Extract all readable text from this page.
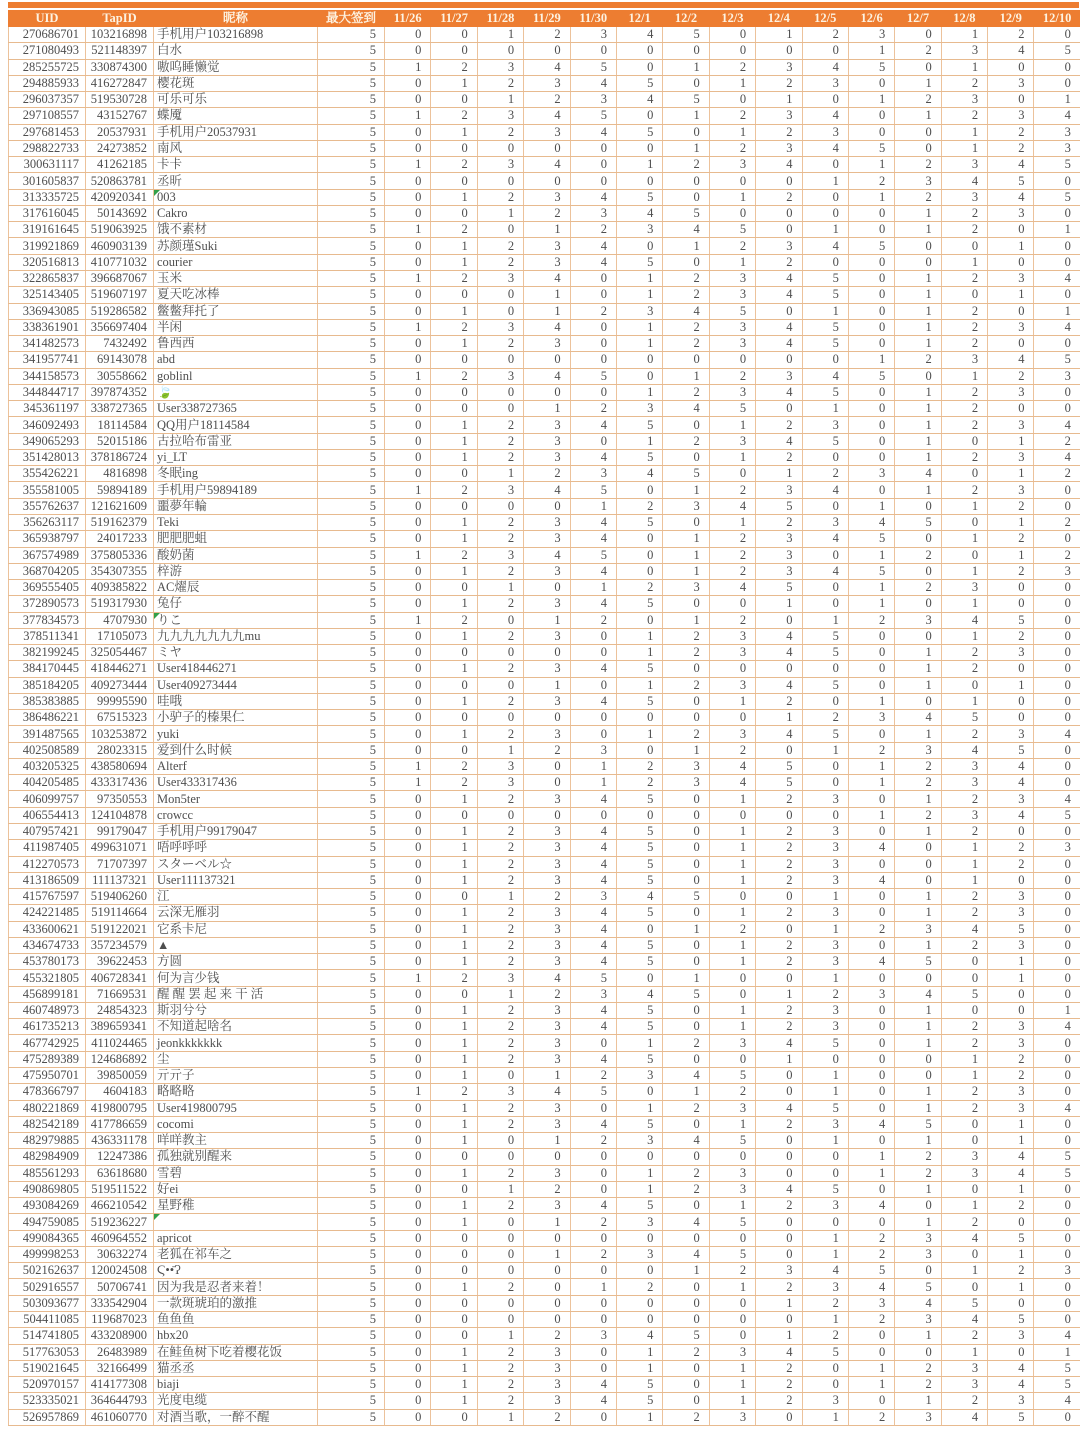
UID	TapID	昵称	最大签到	11/26	11/27	11/28	11/29	11/30	12/1	12/2	12/3	12/4	12/5	12/6	12/7	12/8	12/9	12/10
270686701	103216898	手机用户103216898	5	0	0	1	2	3	4	5	0	1	2	3	0	1	2	0
271080493	521148397	白水	5	0	0	0	0	0	0	0	0	0	0	1	2	3	4	5
285255725	330874300	嗷呜睡懒觉	5	1	2	3	4	5	0	1	2	3	4	5	0	1	0	0
294885933	416272847	樱花斑	5	0	1	2	3	4	5	0	1	2	3	0	1	2	3	0
296037357	519530728	可乐可乐	5	0	0	1	2	3	4	5	0	1	0	1	2	3	0	1
297108557	43152767	蝶魇	5	1	2	3	4	5	0	1	2	3	4	0	1	2	3	4
297681453	20537931	手机用户20537931	5	0	1	2	3	4	5	0	1	2	3	0	0	1	2	3
298822733	24273852	南风	5	0	0	0	0	0	0	1	2	3	4	5	0	1	2	3
300631117	41262185	卡卡	5	1	2	3	4	0	1	2	3	4	0	1	2	3	4	5
301605837	520863781	丞昕	5	0	0	0	0	0	0	0	0	0	1	2	3	4	5	0
313335725	420920341	003	5	0	1	2	3	4	5	0	1	2	0	1	2	3	4	5
317616045	50143692	Cakro	5	0	0	1	2	3	4	5	0	0	0	0	1	2	3	0
319161645	519063925	饿不素材	5	1	2	0	1	2	3	4	5	0	1	0	1	2	0	1
319921869	460903139	苏颜瑾Suki	5	0	1	2	3	4	0	1	2	3	4	5	0	0	1	0
320516813	410771032	courier	5	0	1	2	3	4	5	0	1	2	0	0	0	1	0	0
322865837	396687067	玉米	5	1	2	3	4	0	1	2	3	4	5	0	1	2	3	4
325143405	519607197	夏天吃冰棒	5	0	0	0	1	0	1	2	3	4	5	0	1	0	1	0
336943085	519286582	鳖鳖拜托了	5	0	1	0	1	2	3	4	5	0	1	0	1	2	0	1
338361901	356697404	半闲	5	1	2	3	4	0	1	2	3	4	5	0	1	2	3	4
341482573	7432492	鲁西西	5	0	1	2	3	0	1	2	3	4	5	0	1	2	0	0
341957741	69143078	abd	5	0	0	0	0	0	0	0	0	0	0	1	2	3	4	5
344158573	30558662	goblinl	5	1	2	3	4	5	0	1	2	3	4	5	0	1	2	3
344844717	397874352	🍃	5	0	0	0	0	0	1	2	3	4	5	0	1	2	3	0
345361197	338727365	User338727365	5	0	0	0	1	2	3	4	5	0	1	0	1	2	0	0
346092493	18114584	QQ用户18114584	5	0	1	2	3	4	5	0	1	2	3	0	1	2	3	4
349065293	52015186	古拉哈布雷亚	5	0	1	2	3	0	1	2	3	4	5	0	1	0	1	2
351428013	378186724	yi_LT	5	0	1	2	3	4	5	0	1	2	0	0	1	2	3	4
355426221	4816898	冬眠ing	5	0	0	1	2	3	4	5	0	1	2	3	4	0	1	2
355581005	59894189	手机用户59894189	5	1	2	3	4	5	0	1	2	3	4	0	1	2	3	0
355762637	121621609	噩夢年輪	5	0	0	0	0	1	2	3	4	5	0	1	0	1	2	0
356263117	519162379	Teki	5	0	1	2	3	4	5	0	1	2	3	4	5	0	1	2
365938797	24017233	肥肥肥蛆	5	0	1	2	3	4	0	1	2	3	4	5	0	1	2	0
367574989	375805336	酸奶菌	5	1	2	3	4	5	0	1	2	3	0	1	2	0	1	2
368704205	354307355	梓游	5	0	1	2	3	4	0	1	2	3	4	5	0	1	2	3
369555405	409385822	AC燿辰	5	0	0	1	0	1	2	3	4	5	0	1	2	3	0	0
372890573	519317930	兔仔	5	0	1	2	3	4	5	0	0	1	0	1	0	1	0	0
377834573	4707930	りこ	5	1	2	0	1	2	0	1	2	0	1	2	3	4	5	0
378511341	17105073	九九九九九九九mu	5	0	1	2	3	0	1	2	3	4	5	0	0	1	2	0
382199245	325054467	ミヤ	5	0	0	0	0	0	1	2	3	4	5	0	1	2	3	0
384170445	418446271	User418446271	5	0	1	2	3	4	5	0	0	0	0	0	1	2	0	0
385184205	409273444	User409273444	5	0	0	0	1	0	1	2	3	4	5	0	1	0	1	0
385383885	99995590	哇哦	5	0	1	2	3	4	5	0	1	2	0	1	0	1	0	0
386486221	67515323	小驴子的榛果仁	5	0	0	0	0	0	0	0	0	1	2	3	4	5	0	0
391487565	103253872	yuki	5	0	1	2	3	0	1	2	3	4	5	0	1	2	3	4
402508589	28023315	爱到什么时候	5	0	0	1	2	3	0	1	2	0	1	2	3	4	5	0
403205325	438580694	Alterf	5	1	2	3	0	1	2	3	4	5	0	1	2	3	4	0
404205485	433317436	User433317436	5	1	2	3	0	1	2	3	4	5	0	1	2	3	4	0
406099757	97350553	Mon5ter	5	0	1	2	3	4	5	0	1	2	3	0	1	2	3	4
406554413	124104878	crowcc	5	0	0	0	0	0	0	0	0	0	0	1	2	3	4	5
407957421	99179047	手机用户99179047	5	0	1	2	3	4	5	0	1	2	3	0	1	2	0	0
411987405	499631071	唔呼呼呼	5	0	1	2	3	4	5	0	1	2	3	4	0	1	2	3
412270573	71707397	スターベル☆	5	0	1	2	3	4	5	0	1	2	3	0	0	1	2	0
413186509	111137321	User111137321	5	0	1	2	3	4	5	0	1	2	3	4	0	1	0	0
415767597	519406260	江	5	0	0	1	2	3	4	5	0	0	1	0	1	2	3	0
424221485	519114664	云深无雁羽	5	0	1	2	3	4	5	0	1	2	3	0	1	2	3	0
433600621	519122021	它系卡尼	5	0	1	2	3	4	0	1	2	0	1	2	3	4	5	0
434674733	357234579	▲	5	0	1	2	3	4	5	0	1	2	3	0	1	2	3	0
453780173	39622453	方圆	5	0	1	2	3	4	5	0	1	2	3	4	5	0	1	0
455321805	406728341	何为言少钱	5	1	2	3	4	5	0	1	0	0	1	0	0	0	1	0
456899181	71669531	醒 醒 罢 起 来 干 活	5	0	0	1	2	3	4	5	0	1	2	3	4	5	0	0
460748973	24854323	斯羽兮兮	5	0	1	2	3	4	5	0	1	2	3	0	1	0	0	1
461735213	389659341	不知道起啥名	5	0	1	2	3	4	5	0	1	2	3	0	1	2	3	4
467742925	411024465	jeonkkkkkkk	5	0	1	2	3	0	1	2	3	4	5	0	1	2	3	0
475289389	124686892	尘	5	0	1	2	3	4	5	0	0	1	0	0	0	1	2	0
475950701	39850059	亓亓子	5	0	1	0	1	2	3	4	5	0	1	0	0	1	2	0
478366797	4604183	略略略	5	1	2	3	4	5	0	1	2	0	1	0	1	2	3	0
480221869	419800795	User419800795	5	0	1	2	3	0	1	2	3	4	5	0	1	2	3	4
482542189	417786659	cocomi	5	0	1	2	3	4	5	0	1	2	3	4	5	0	1	0
482979885	436331178	咩咩教主	5	0	1	0	1	2	3	4	5	0	1	0	1	0	1	0
482984909	12247386	孤独就别醒来	5	0	0	0	0	0	0	0	0	0	0	1	2	3	4	5
485561293	63618680	雪碧	5	0	1	2	3	0	1	2	3	0	0	1	2	3	4	5
490869805	519511522	好ei	5	0	0	1	2	0	1	2	3	4	5	0	1	0	1	0
493084269	466210542	星野稚	5	0	1	2	3	4	5	0	1	2	3	4	0	1	2	0
494759085	519236227		5	0	1	0	1	2	3	4	5	0	0	0	1	2	0	0
499084365	460964552	apricot	5	0	0	0	0	0	0	0	0	0	1	2	3	4	5	0
499998253	30632274	老狐在祁车之	5	0	0	0	1	2	3	4	5	0	1	2	3	0	1	0
502162637	120024508	Ϛ••̄Ɂ	5	0	0	0	0	0	0	1	2	3	4	5	0	1	2	3
502916557	50706741	因为我是忍者来着！	5	0	1	2	0	1	2	0	1	2	3	4	5	0	1	0
503093677	333542904	一款斑琥珀的激推	5	0	0	0	0	0	0	0	0	1	2	3	4	5	0	0
504411085	119687023	鱼鱼鱼	5	0	0	0	0	0	0	0	0	0	1	2	3	4	5	0
514741805	433208900	hbx20	5	0	0	1	2	3	4	5	0	1	2	0	1	2	3	4
517763053	26483989	在鲑鱼树下吃着樱花饭	5	0	1	2	3	0	1	2	3	4	5	0	0	1	0	1
519021645	32166499	猫丞丞	5	0	1	2	3	0	1	0	1	2	0	1	2	3	4	5
520970157	414177308	biaji	5	0	1	2	3	4	5	0	1	2	0	1	2	3	4	5
523335021	364644793	光度电缆	5	0	1	2	3	4	5	0	1	2	3	0	1	2	3	4
526957869	461060770	对酒当歌，一醉不醒	5	0	0	1	2	0	1	2	3	0	1	2	3	4	5	0
